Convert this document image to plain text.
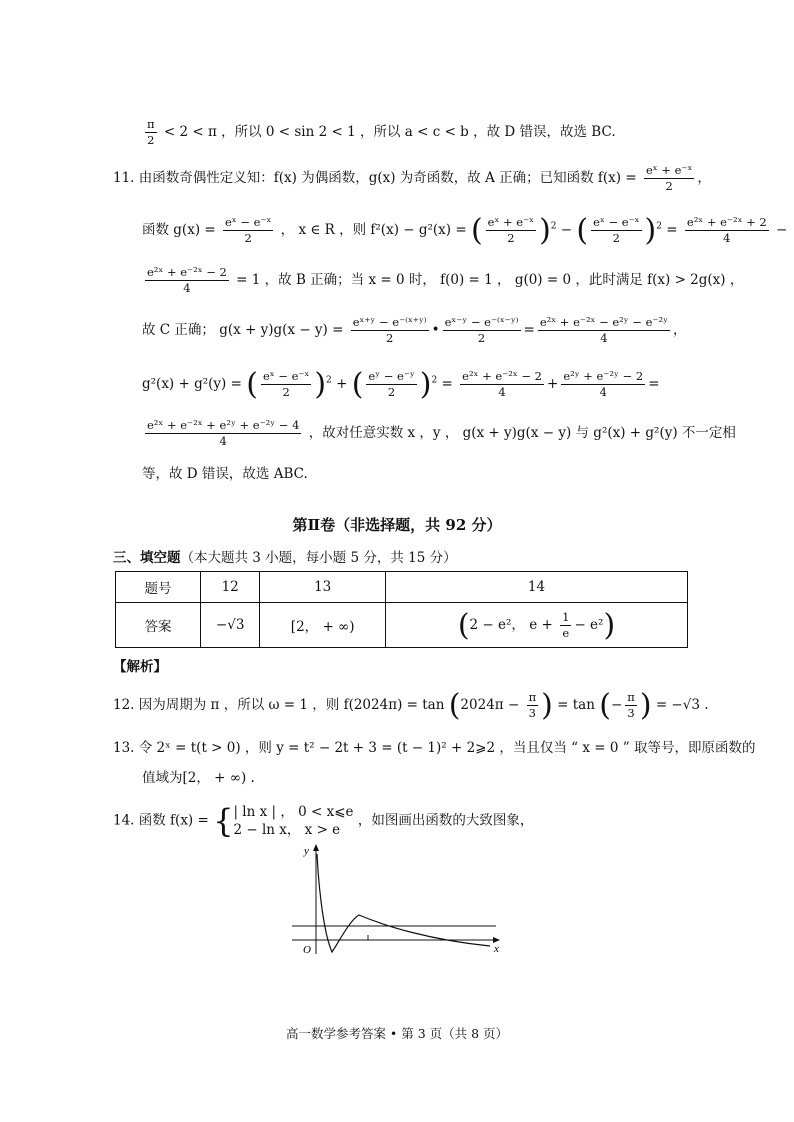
$\frac{\pi}{2} < 2 < \pi$ ，所以 0 < sin 2 < 1 ，所以 a < c < b ，故 D 错误，故选 BC.
11. 由函数奇偶性定义知：f(x) 为偶函数，g(x) 为奇函数，故 A 正确；已知函数 $f(x) = \frac{\text{eˣ + e⁻ˣ}}{2}$ ，
函数 $g(x) = \frac{\text{eˣ − e⁻ˣ}}{2}$ ， x ∈ R ，则 f²(x) − g²(x) = ( $\frac{\text{eˣ + e⁻ˣ}}{2} )^2$ − ( $\frac{\text{eˣ − e⁻ˣ}}{2} )^2 = \frac{\text{e²ˣ + e⁻²ˣ + 2}}{4}$ −
$\frac{\text{e²ˣ + e⁻²ˣ − 2}}{4} = 1$ ，故 B 正确；当 x = 0 时， f(0) = 1 ， g(0) = 0 ，此时满足 f(x) > 2g(x) ，
故 C 正确； $g(x + y)g(x - y) = \frac{\text{eˣ⁺ʸ − e⁻⁽ˣ⁺ʸ⁾}}{2}$ • $\frac{\text{eˣ⁻ʸ − e⁻⁽ˣ⁻ʸ⁾}}{2} = \frac{\text{e²ˣ + e⁻²ˣ − e²ʸ − e⁻²ʸ}}{4}$ ，
g²(x) + g²(y) = ( $\frac{\text{eˣ − e⁻ˣ}}{2} )^2$ + ( $\frac{\text{eʸ − e⁻ʸ}}{2} )^2 = \frac{\text{e²ˣ + e⁻²ˣ − 2}}{4} + \frac{\text{e²ʸ + e⁻²ʸ − 2}}{4}$ =
$\frac{\text{e²ˣ + e⁻²ˣ + e²ʸ + e⁻²ʸ − 4}}{4}$ ，故对任意实数 x ，y ， g(x + y)g(x − y) 与 g²(x) + g²(y) 不一定相
等，故 D 错误，故选 ABC.
第Ⅱ卷（非选择题，共 92 分）
三、填空题（本大题共 3 小题，每小题 5 分，共 15 分）
题号	12	13	14
答案	−√3	[2， + ∞)	(2 − e²， $e + \frac{1}{e} - e^2$)
【解析】
12. 因为周期为 π ，所以 ω = 1 ，则 $f(2024\pi) = \tan (2024\pi - \frac{\pi}{3}$ ) = tan (− $\frac{\pi}{3}$ ) = −√3 .
13. 令 2ˣ = t(t > 0) ，则 y = t² − 2t + 3 = (t − 1)² + 2⩾2 ，当且仅当 “ x = 0 ” 取等号，即原函数的
值域为[2， + ∞) .
14. 函数 f(x) = { | ln x | ， 0 < x⩽e
2 − ln x， x > e
，如图画出函数的大致图象，
y
x
O
高一数学参考答案 • 第 3 页（共 8 页）
